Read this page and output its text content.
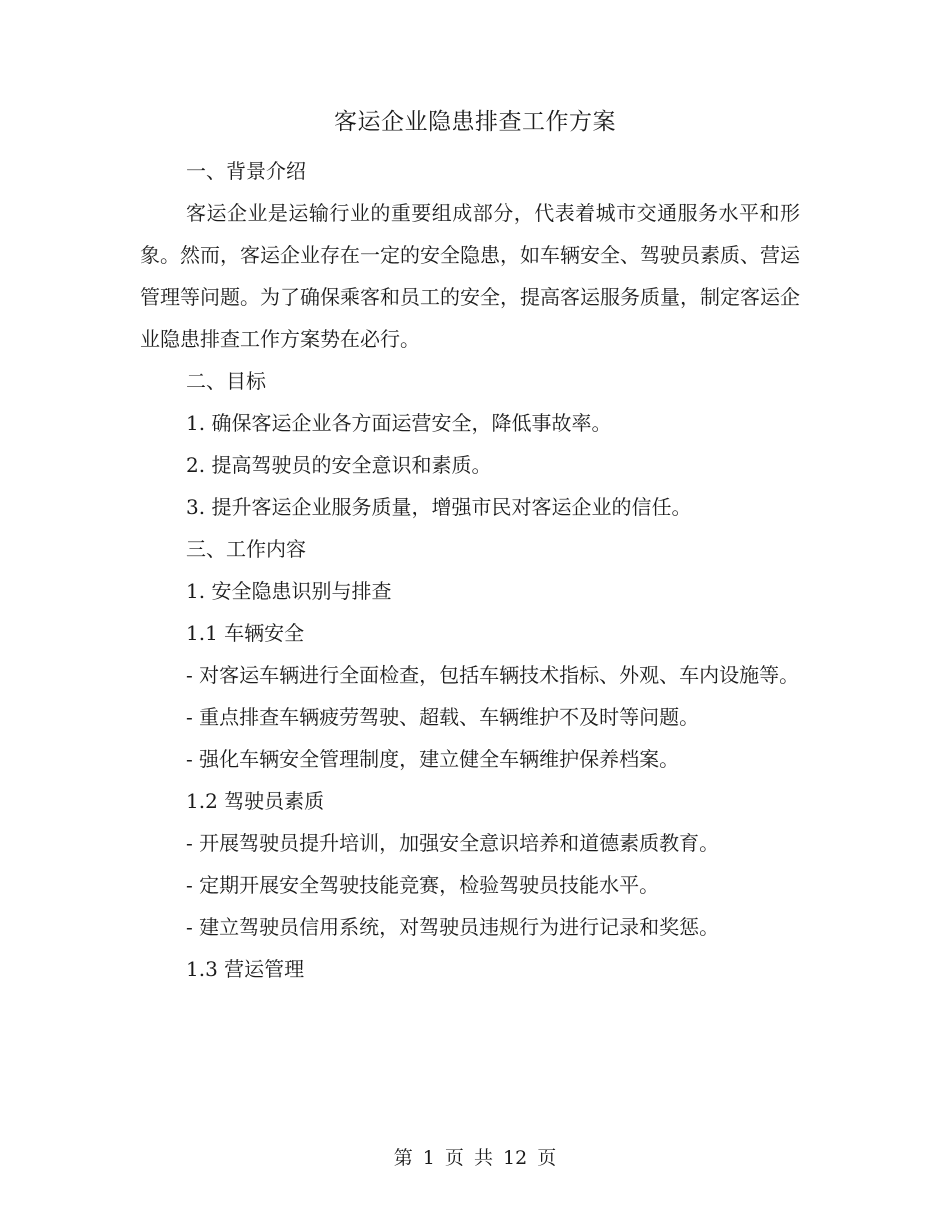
客运企业隐患排查工作方案

一、背景介绍

客运企业是运输行业的重要组成部分，代表着城市交通服务水平和形象。然而，客运企业存在一定的安全隐患，如车辆安全、驾驶员素质、营运管理等问题。为了确保乘客和员工的安全，提高客运服务质量，制定客运企业隐患排查工作方案势在必行。

二、目标

1. 确保客运企业各方面运营安全，降低事故率。

2. 提高驾驶员的安全意识和素质。

3. 提升客运企业服务质量，增强市民对客运企业的信任。

三、工作内容

1. 安全隐患识别与排查

1.1 车辆安全

- 对客运车辆进行全面检查，包括车辆技术指标、外观、车内设施等。

- 重点排查车辆疲劳驾驶、超载、车辆维护不及时等问题。

- 强化车辆安全管理制度，建立健全车辆维护保养档案。

1.2 驾驶员素质

- 开展驾驶员提升培训，加强安全意识培养和道德素质教育。

- 定期开展安全驾驶技能竞赛，检验驾驶员技能水平。

- 建立驾驶员信用系统，对驾驶员违规行为进行记录和奖惩。

1.3 营运管理

第 1 页 共 12 页
